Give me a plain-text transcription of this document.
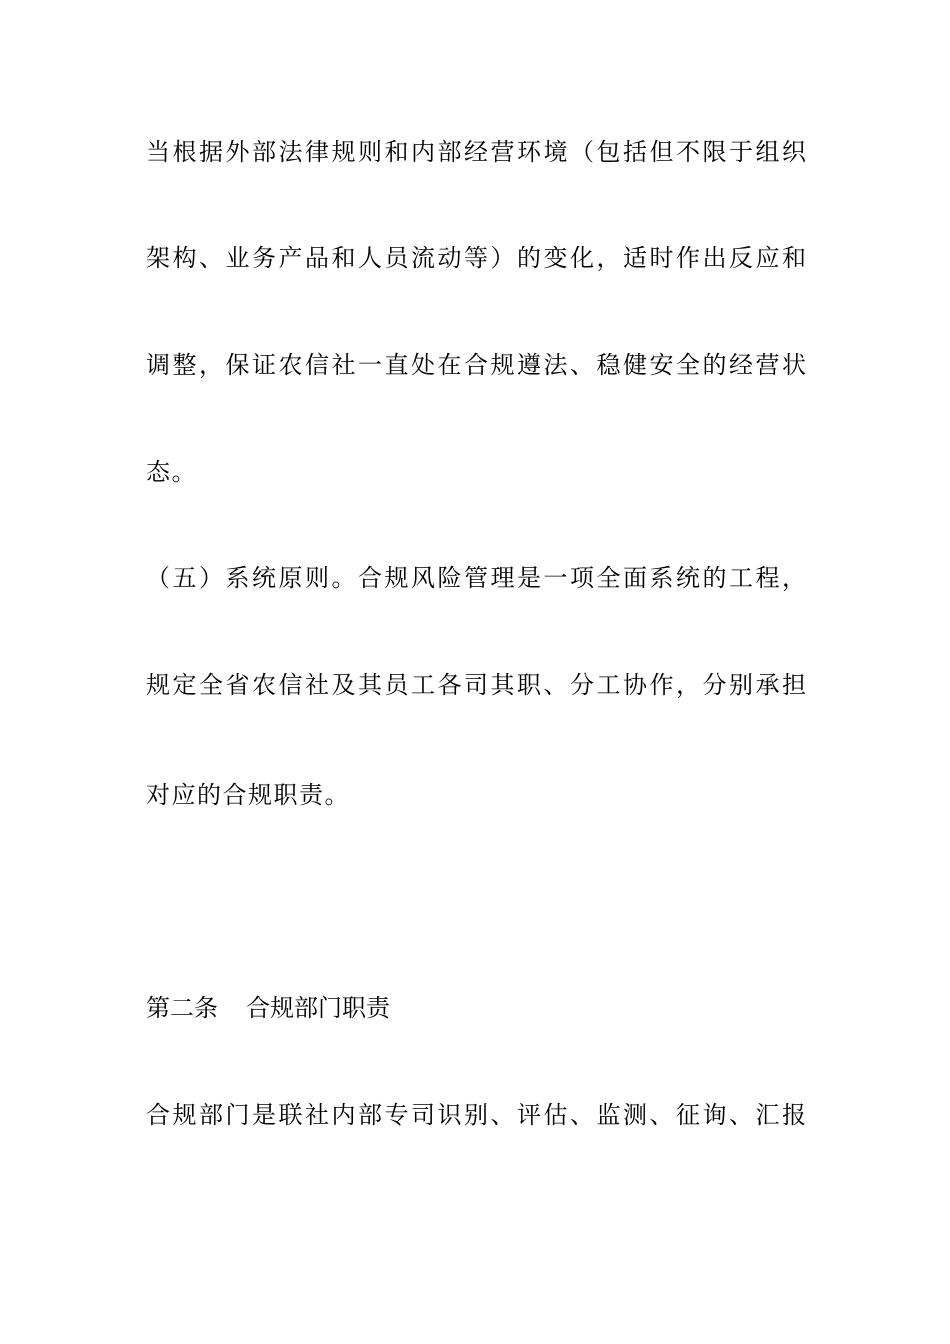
当根据外部法律规则和内部经营环境（包括但不限于组织
架构、业务产品和人员流动等）的变化，适时作出反应和
调整，保证农信社一直处在合规遵法、稳健安全的经营状
态。
（五）系统原则。合规风险管理是一项全面系统的工程，
规定全省农信社及其员工各司其职、分工协作，分别承担
对应的合规职责。
第二条 合规部门职责
合规部门是联社内部专司识别、评估、监测、征询、汇报
